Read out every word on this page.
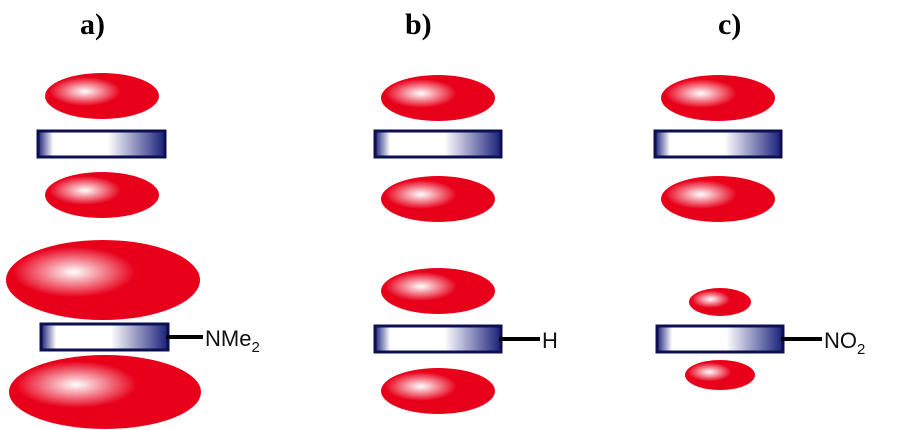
a)	b)	c)
NMe$_2$	H	$NO_2$
